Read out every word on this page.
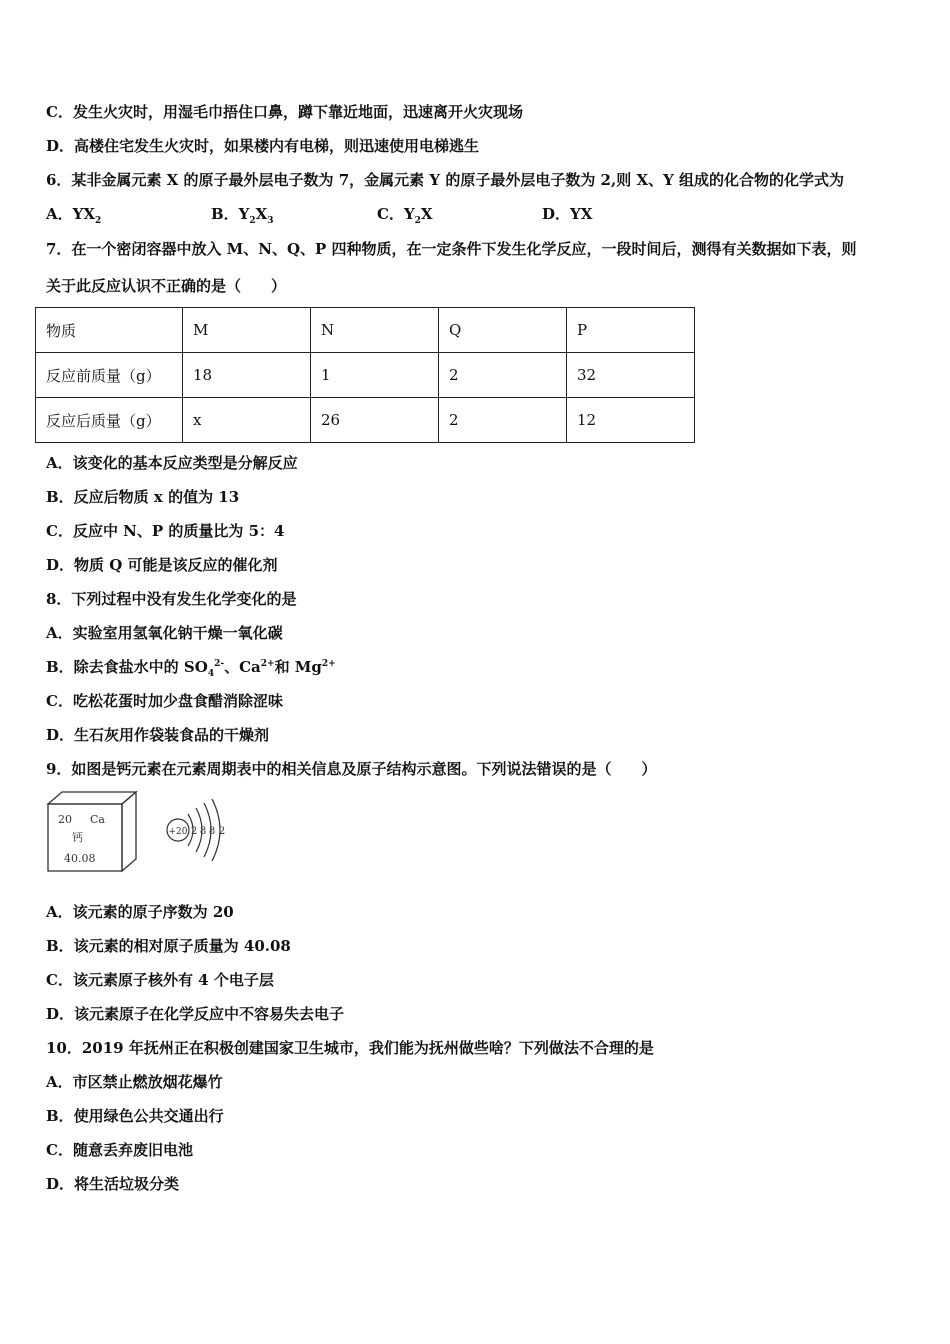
C．发生火灾时，用湿毛巾捂住口鼻，蹲下靠近地面，迅速离开火灾现场
D．高楼住宅发生火灾时，如果楼内有电梯，则迅速使用电梯逃生
6．某非金属元素 X 的原子最外层电子数为 7，金属元素 Y 的原子最外层电子数为 2,则 X、Y 组成的化合物的化学式为
A．$YX_2$	B．$Y_2X_3$	C．$Y_2X$	D．YX
7．在一个密闭容器中放入 M、N、Q、P 四种物质，在一定条件下发生化学反应，一段时间后，测得有关数据如下表，则
关于此反应认识不正确的是（　　）
物质	M	N	Q	P
反应前质量（g）	18	1	2	32
反应后质量（g）	x	26	2	12
A．该变化的基本反应类型是分解反应
B．反应后物质 x 的值为 13
C．反应中 N、P 的质量比为 5：4
D．物质 Q 可能是该反应的催化剂
8．下列过程中没有发生化学变化的是
A．实验室用氢氧化钠干燥一氧化碳
B．除去食盐水中的 $SO_4^{2-}$、$Ca^{2+}$和 $Mg^{2+}$
C．吃松花蛋时加少盘食醋消除涩味
D．生石灰用作袋装食品的干燥剂
9．如图是钙元素在元素周期表中的相关信息及原子结构示意图。下列说法错误的是（　　）
20 Ca
钙
40.08
+20 2 8 8 2
A．该元素的原子序数为 20
B．该元素的相对原子质量为 40.08
C．该元素原子核外有 4 个电子层
D．该元素原子在化学反应中不容易失去电子
10．2019 年抚州正在积极创建国家卫生城市，我们能为抚州做些啥？下列做法不合理的是
A．市区禁止燃放烟花爆竹
B．使用绿色公共交通出行
C．随意丢弃废旧电池
D．将生活垃圾分类
